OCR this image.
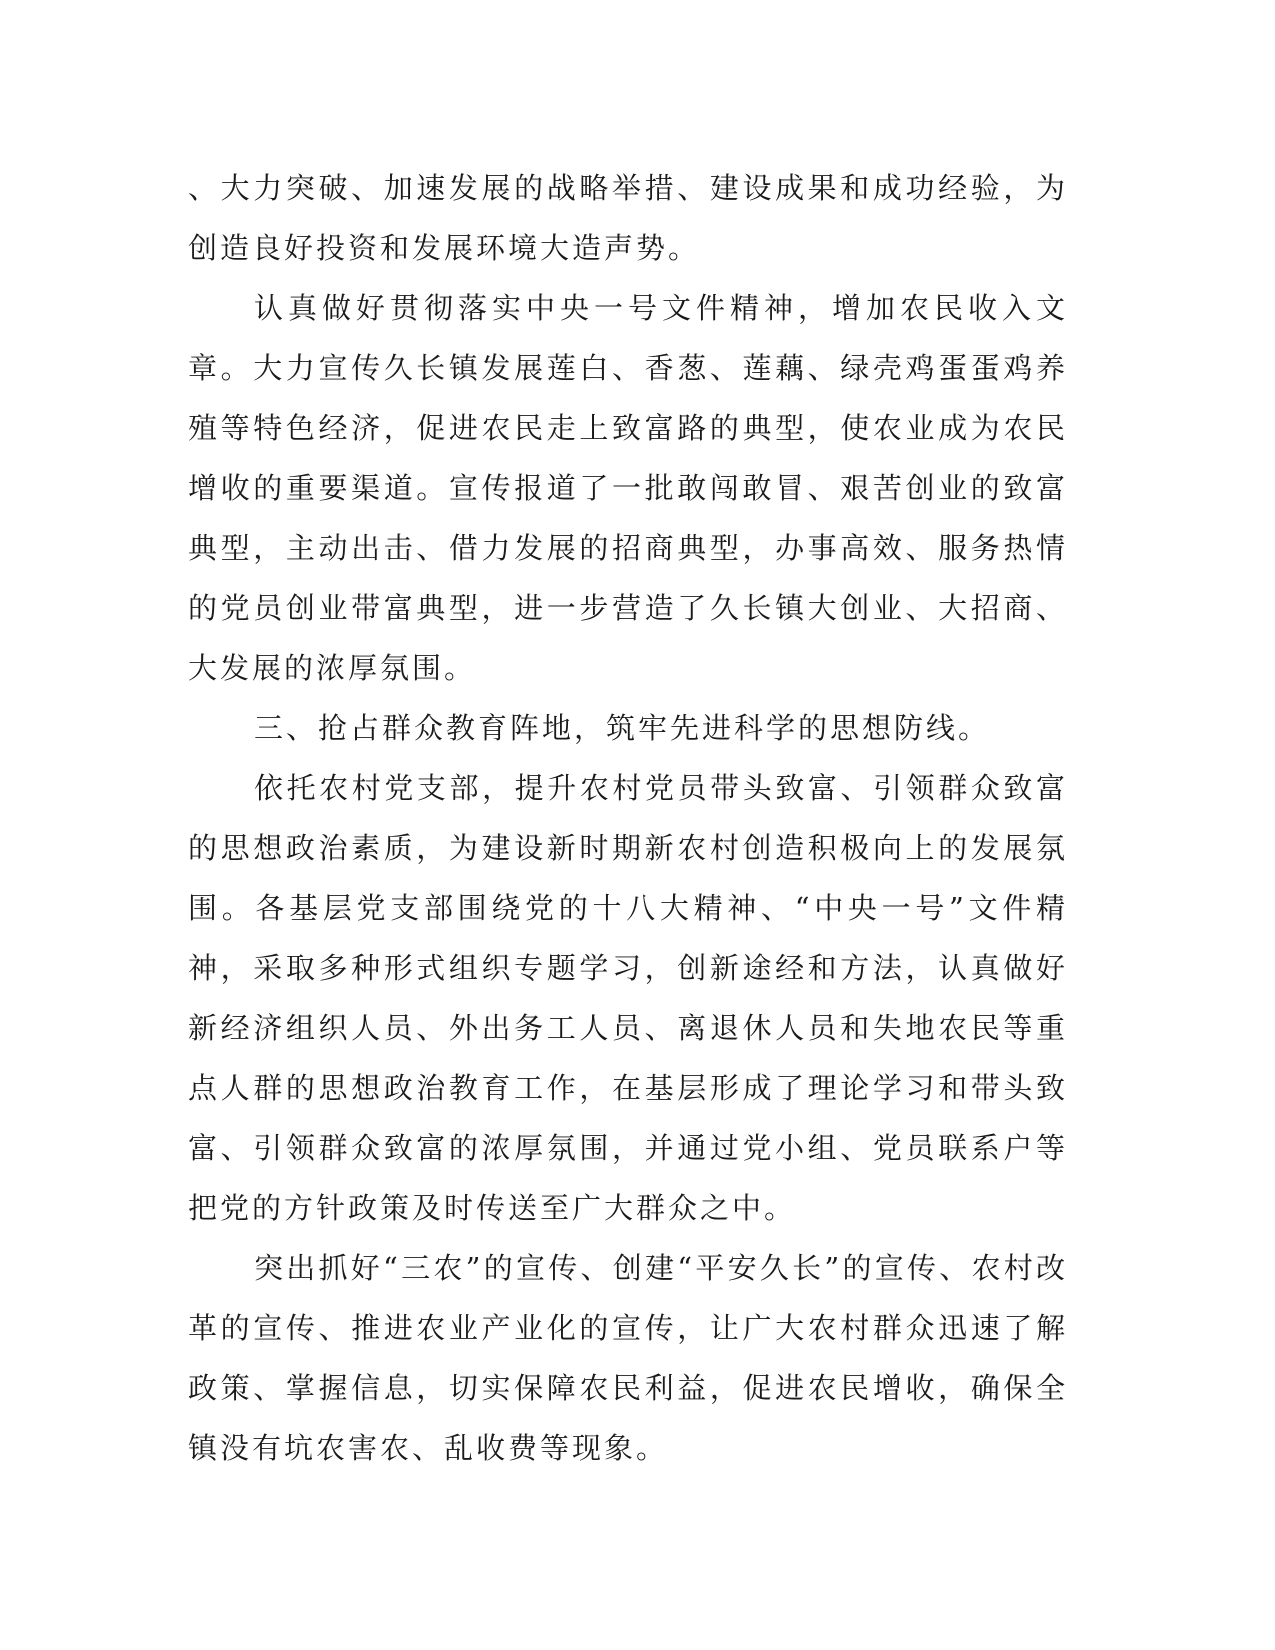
、大力突破、加速发展的战略举措、建设成果和成功经验，为创造良好投资和发展环境大造声势。

认真做好贯彻落实中央一号文件精神，增加农民收入文章。大力宣传久长镇发展莲白、香葱、莲藕、绿壳鸡蛋蛋鸡养殖等特色经济，促进农民走上致富路的典型，使农业成为农民增收的重要渠道。宣传报道了一批敢闯敢冒、艰苦创业的致富典型，主动出击、借力发展的招商典型，办事高效、服务热情的党员创业带富典型，进一步营造了久长镇大创业、大招商、大发展的浓厚氛围。

三、抢占群众教育阵地，筑牢先进科学的思想防线。

依托农村党支部，提升农村党员带头致富、引领群众致富的思想政治素质，为建设新时期新农村创造积极向上的发展氛围。各基层党支部围绕党的十八大精神、“中央一号”文件精神，采取多种形式组织专题学习，创新途经和方法，认真做好新经济组织人员、外出务工人员、离退休人员和失地农民等重点人群的思想政治教育工作，在基层形成了理论学习和带头致富、引领群众致富的浓厚氛围，并通过党小组、党员联系户等把党的方针政策及时传送至广大群众之中。

突出抓好“三农”的宣传、创建“平安久长”的宣传、农村改革的宣传、推进农业产业化的宣传，让广大农村群众迅速了解政策、掌握信息，切实保障农民利益，促进农民增收，确保全镇没有坑农害农、乱收费等现象。
